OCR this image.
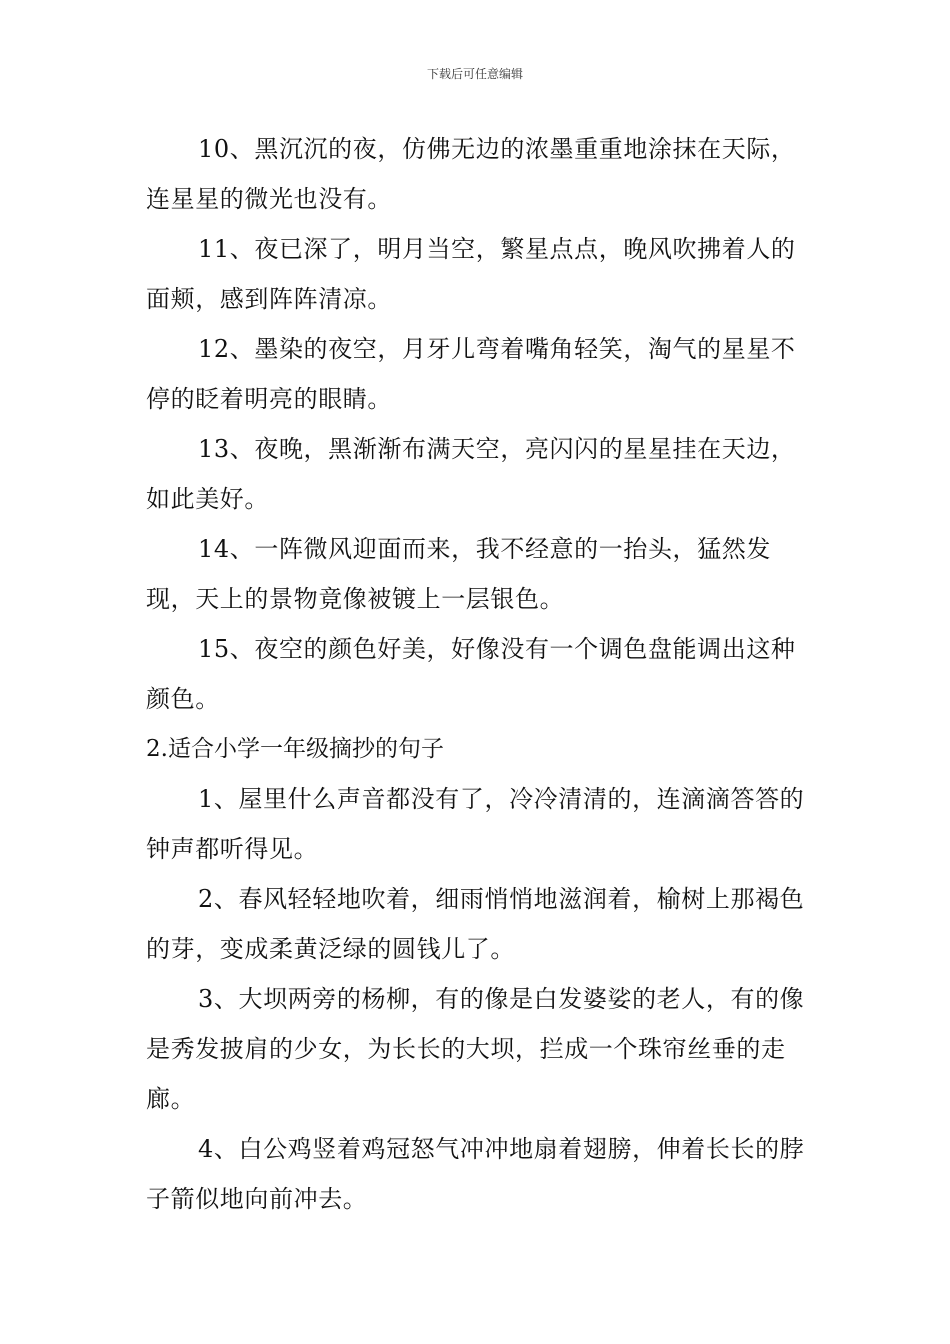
下载后可任意编辑

10、黑沉沉的夜，仿佛无边的浓墨重重地涂抹在天际，连星星的微光也没有。

11、夜已深了，明月当空，繁星点点，晚风吹拂着人的面颊，感到阵阵清凉。

12、墨染的夜空，月牙儿弯着嘴角轻笑，淘气的星星不停的眨着明亮的眼睛。

13、夜晚，黑渐渐布满天空，亮闪闪的星星挂在天边，如此美好。

14、一阵微风迎面而来，我不经意的一抬头，猛然发现，天上的景物竟像被镀上一层银色。

15、夜空的颜色好美，好像没有一个调色盘能调出这种颜色。

2.适合小学一年级摘抄的句子

1、屋里什么声音都没有了，冷冷清清的，连滴滴答答的钟声都听得见。

2、春风轻轻地吹着，细雨悄悄地滋润着，榆树上那褐色的芽，变成柔黄泛绿的圆钱儿了。

3、大坝两旁的杨柳，有的像是白发婆娑的老人，有的像是秀发披肩的少女，为长长的大坝，拦成一个珠帘丝垂的走廊。

4、白公鸡竖着鸡冠怒气冲冲地扇着翅膀，伸着长长的脖子箭似地向前冲去。
